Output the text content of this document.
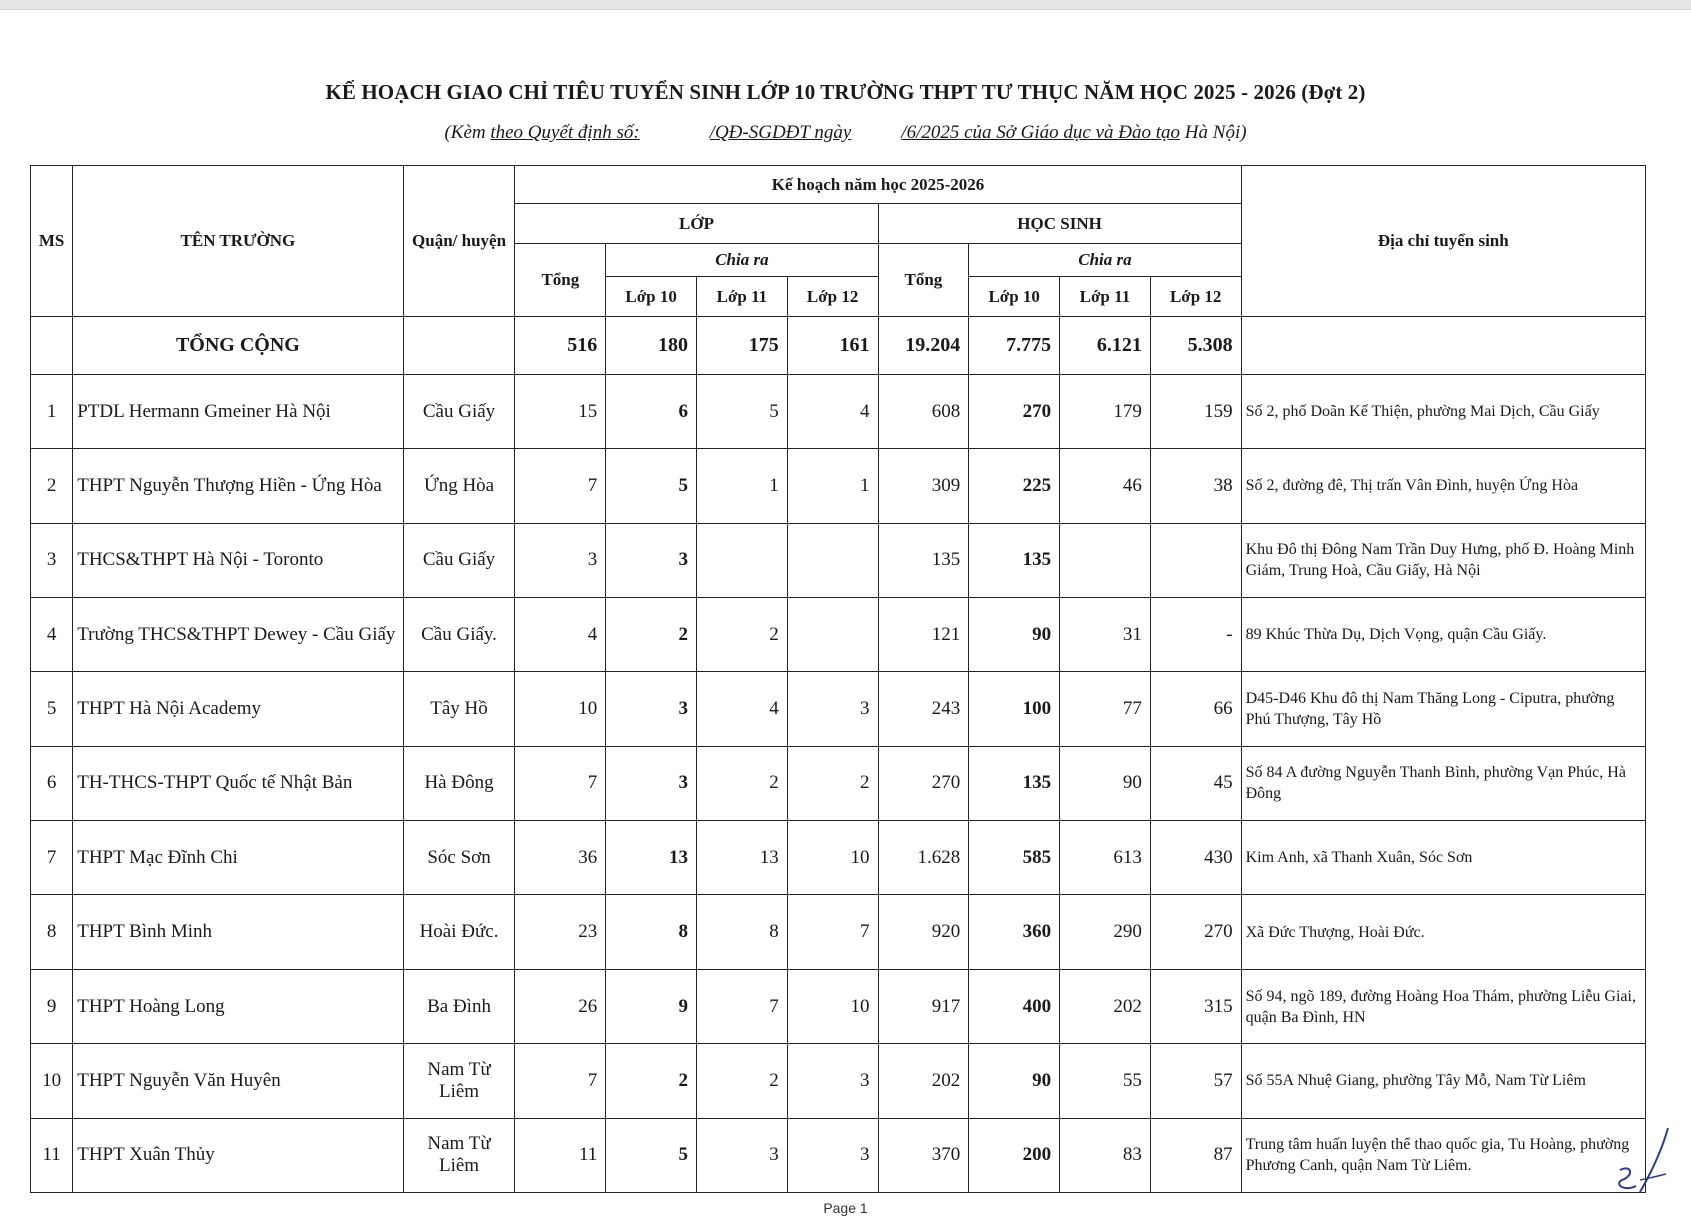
KẾ HOẠCH GIAO CHỈ TIÊU TUYỂN SINH LỚP 10 TRƯỜNG THPT TƯ THỤC NĂM HỌC 2025 - 2026 (Đợt 2)
(Kèm theo Quyết định số:	/QĐ-SGDĐT ngày	/6/2025 của Sở Giáo dục và Đào tạo Hà Nội)
MS	TÊN TRƯỜNG	Quận/ huyện	Kế hoạch năm học 2025-2026								Địa chỉ tuyển sinh
			LỚP				HỌC SINH				
			Tổng	Chia ra			Tổng	Chia ra			
				Lớp 10	Lớp 11	Lớp 12		Lớp 10	Lớp 11	Lớp 12	
	TỔNG CỘNG		516	180	175	161	19.204	7.775	6.121	5.308	
1	PTDL Hermann Gmeiner Hà Nội	Cầu Giấy	15	6	5	4	608	270	179	159	Số 2, phố Doãn Kế Thiện, phường Mai Dịch, Cầu Giấy
2	THPT Nguyễn Thượng Hiền - Ứng Hòa	Ứng Hòa	7	5	1	1	309	225	46	38	Số 2, đường đê, Thị trấn Vân Đình, huyện Ứng Hòa
3	THCS&THPT Hà Nội - Toronto	Cầu Giấy	3	3			135	135			Khu Đô thị Đông Nam Trần Duy Hưng, phố Đ. Hoàng Minh Giám, Trung Hoà, Cầu Giấy, Hà Nội
4	Trường THCS&THPT Dewey - Cầu Giấy	Cầu Giấy.	4	2	2		121	90	31	-	89 Khúc Thừa Dụ, Dịch Vọng, quận Cầu Giấy.
5	THPT Hà Nội Academy	Tây Hồ	10	3	4	3	243	100	77	66	D45-D46 Khu đô thị Nam Thăng Long - Ciputra, phường Phú Thượng, Tây Hồ
6	TH-THCS-THPT Quốc tế Nhật Bản	Hà Đông	7	3	2	2	270	135	90	45	Số 84 A đường Nguyễn Thanh Bình, phường Vạn Phúc, Hà Đông
7	THPT Mạc Đĩnh Chi	Sóc Sơn	36	13	13	10	1.628	585	613	430	Kim Anh, xã Thanh Xuân, Sóc Sơn
8	THPT Bình Minh	Hoài Đức.	23	8	8	7	920	360	290	270	Xã Đức Thượng, Hoài Đức.
9	THPT Hoàng Long	Ba Đình	26	9	7	10	917	400	202	315	Số 94, ngõ 189, đường Hoàng Hoa Thám, phường Liễu Giai, quận Ba Đình, HN
10	THPT Nguyễn Văn Huyên	Nam Từ Liêm	7	2	2	3	202	90	55	57	Số 55A Nhuệ Giang, phường Tây Mỗ, Nam Từ Liêm
11	THPT Xuân Thủy	Nam Từ Liêm	11	5	3	3	370	200	83	87	Trung tâm huấn luyện thể thao quốc gia, Tu Hoàng, phường Phương Canh, quận Nam Từ Liêm.
Page 1
